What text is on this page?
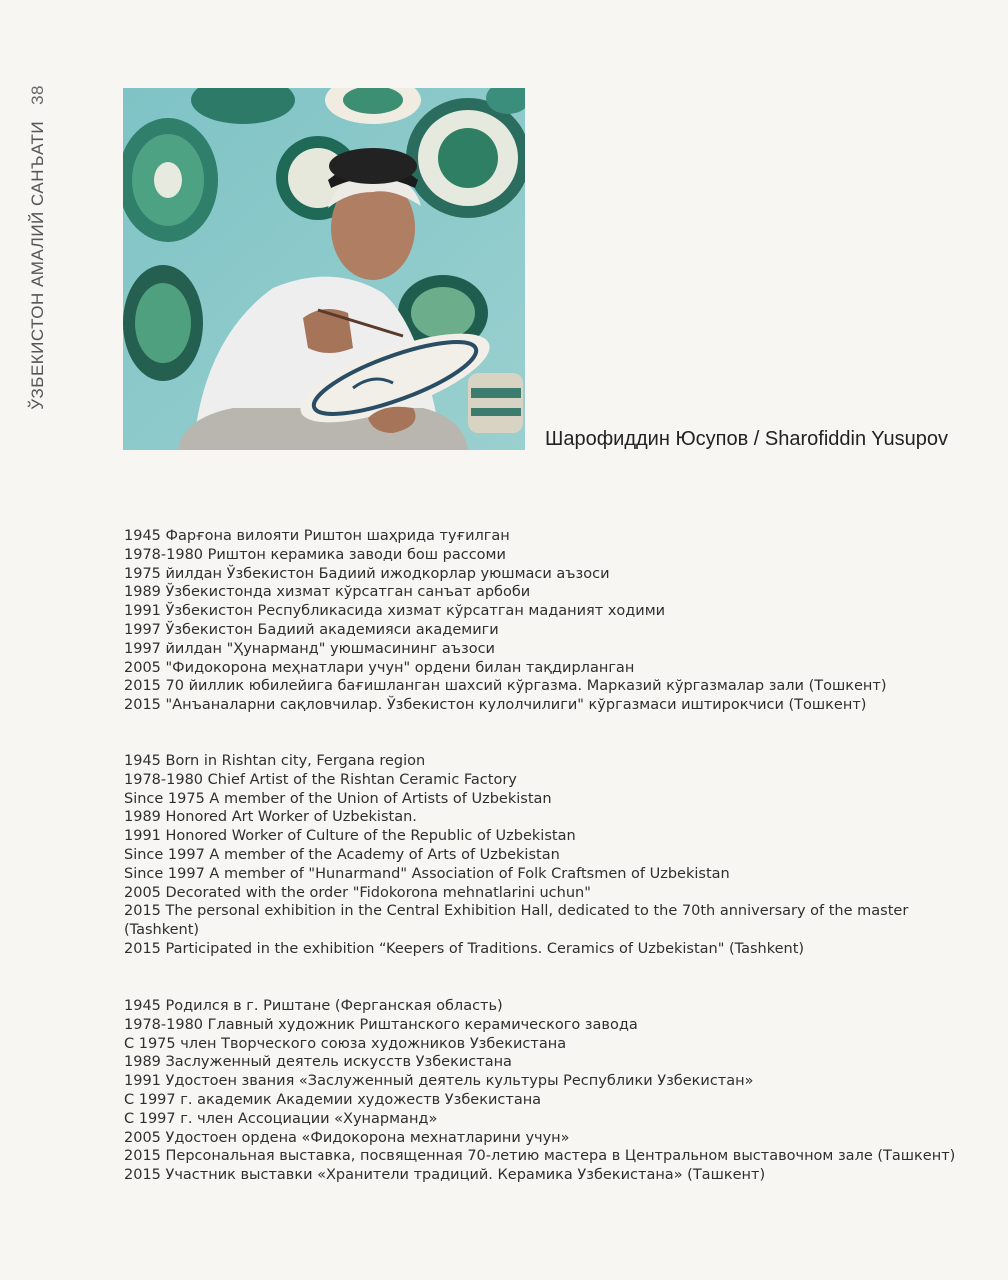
ЎЗБЕКИСТОН АМАЛИЙ САНЪАТИ
38
Шарофиддин Юсупов / Sharofiddin Yusupov
1945 Фарғона вилояти Риштон шаҳрида туғилган
1978-1980 Риштон керамика заводи бош рассоми
1975 йилдан Ўзбекистон Бадиий ижодкорлар уюшмаси аъзоси
1989 Ўзбекистонда хизмат кўрсатган санъат арбоби
1991 Ўзбекистон Республикасида хизмат кўрсатган маданият ходими
1997 Ўзбекистон Бадиий академияси академиги
1997 йилдан "Ҳунарманд" уюшмасининг аъзоси
2005 "Фидокорона меҳнатлари учун" ордени билан тақдирланган
2015 70 йиллик юбилейига бағишланган шахсий кўргазма. Марказий кўргазмалар зали (Тошкент)
2015 "Анъаналарни сақловчилар. Ўзбекистон кулолчилиги" кўргазмаси иштирокчиси (Тошкент)
1945 Born in Rishtan city, Fergana region
1978-1980 Chief Artist of the Rishtan Ceramic Factory
Since 1975 A member of the Union of Artists of Uzbekistan
1989 Honored Art Worker of Uzbekistan.
1991 Honored Worker of Culture of the Republic of Uzbekistan
Since 1997 A member of the Academy of Arts of Uzbekistan
Since 1997 A member of "Hunarmand" Association of Folk Craftsmen of Uzbekistan
2005 Decorated with the order "Fidokorona mehnatlarini uchun"
2015 The personal exhibition in the Central Exhibition Hall, dedicated to the 70th anniversary of the master (Tashkent)
2015 Participated in the exhibition “Keepers of Traditions. Ceramics of Uzbekistan" (Tashkent)
1945 Родился в г. Риштане (Ферганская область)
1978-1980 Главный художник Риштанского керамического завода
С 1975 член Творческого союза художников Узбекистана
1989 Заслуженный деятель искусств Узбекистана
1991 Удостоен звания «Заслуженный деятель культуры Республики Узбекистан»
С 1997 г. академик Академии художеств Узбекистана
С 1997 г. член Ассоциации «Хунарманд»
2005 Удостоен ордена «Фидокорона мехнатларини учун»
2015 Персональная выставка, посвященная 70-летию мастера в Центральном выставочном зале (Ташкент)
2015 Участник выставки «Хранители традиций. Керамика Узбекистана» (Ташкент)
